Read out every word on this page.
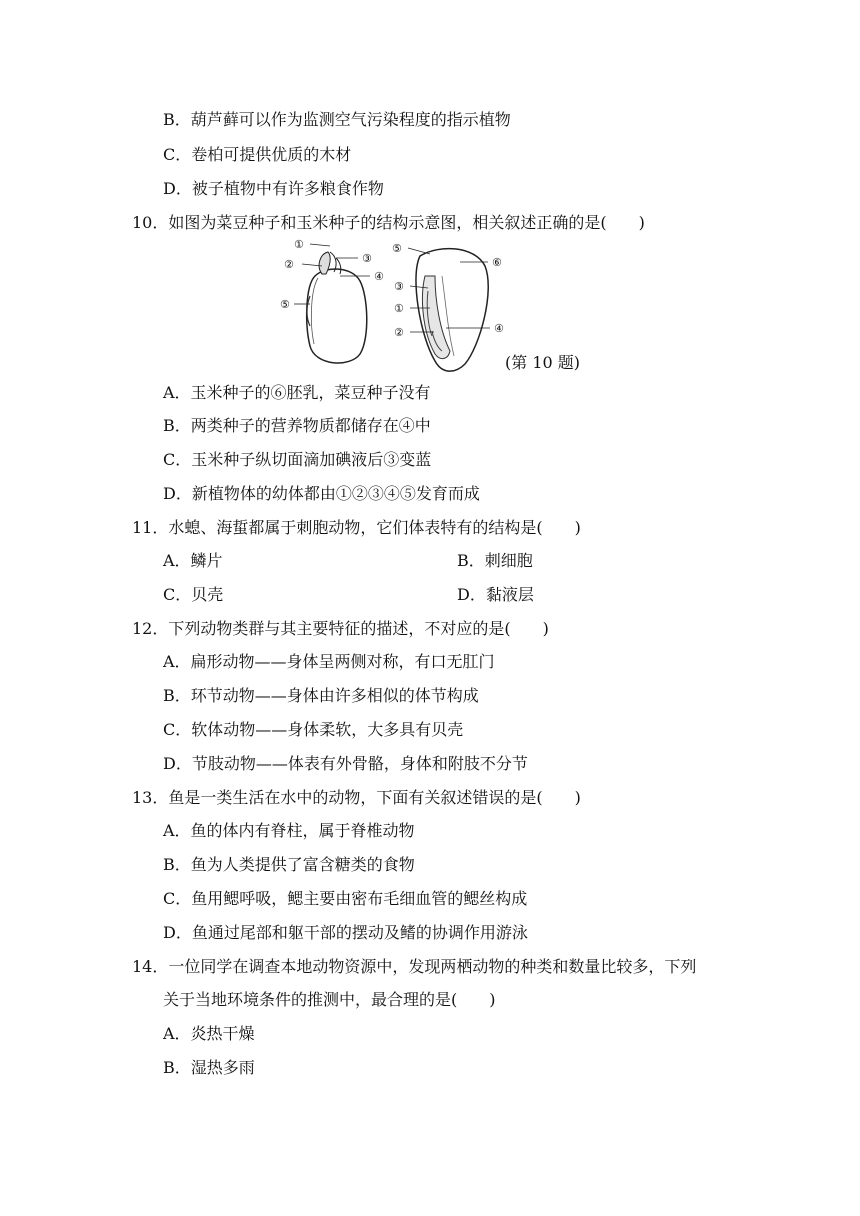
B．葫芦藓可以作为监测空气污染程度的指示植物
C．卷柏可提供优质的木材
D．被子植物中有许多粮食作物
10．如图为菜豆种子和玉米种子的结构示意图，相关叙述正确的是(　　)
①
②	③
④
⑤
⑤
⑥
③
①
②	④
(第 10 题)
A．玉米种子的⑥胚乳，菜豆种子没有
B．两类种子的营养物质都储存在④中
C．玉米种子纵切面滴加碘液后③变蓝
D．新植物体的幼体都由①②③④⑤发育而成
11．水螅、海蜇都属于刺胞动物，它们体表特有的结构是(　　)
A．鳞片	B．刺细胞
C．贝壳	D．黏液层
12．下列动物类群与其主要特征的描述，不对应的是(　　)
A．扁形动物——身体呈两侧对称，有口无肛门
B．环节动物——身体由许多相似的体节构成
C．软体动物——身体柔软，大多具有贝壳
D．节肢动物——体表有外骨骼，身体和附肢不分节
13．鱼是一类生活在水中的动物，下面有关叙述错误的是(　　)
A．鱼的体内有脊柱，属于脊椎动物
B．鱼为人类提供了富含糖类的食物
C．鱼用鳃呼吸，鳃主要由密布毛细血管的鳃丝构成
D．鱼通过尾部和躯干部的摆动及鳍的协调作用游泳
14．一位同学在调查本地动物资源中，发现两栖动物的种类和数量比较多，下列
关于当地环境条件的推测中，最合理的是(　　)
A．炎热干燥
B．湿热多雨
